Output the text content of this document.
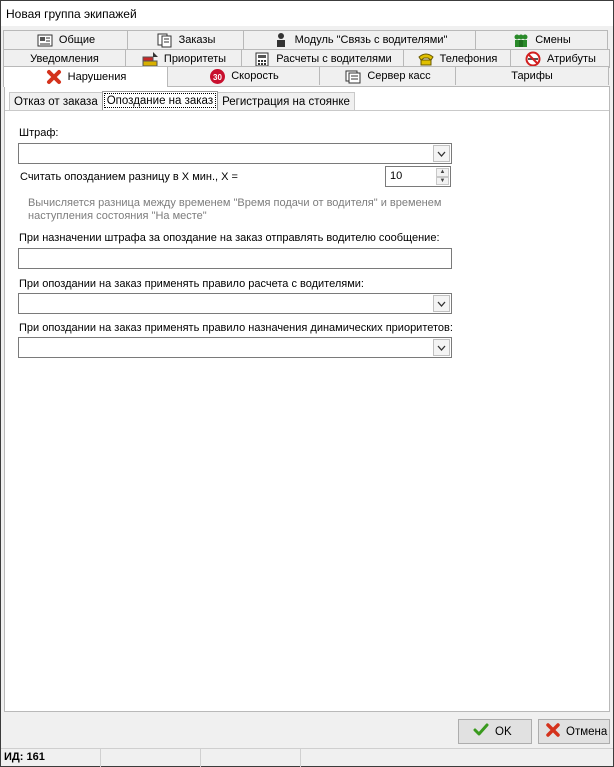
Новая группа экипажей
Общие	Заказы	Модуль "Связь с водителями"	Смены
Уведомления	Приоритеты	Расчеты с водителями	Телефония	Атрибуты
Нарушения	30 Скорость	Сервер касс	Тарифы
Отказ от заказа Опоздание на заказ Регистрация на стоянке
Штраф:
Считать опозданием разницу в X мин., X =	10	▲
▼
Вычисляется разница между временем "Время подачи от водителя" и временем наступления состояния "На месте"
При назначении штрафа за опоздание на заказ отправлять водителю сообщение:
При опоздании на заказ применять правило расчета с водителями:
При опоздании на заказ применять правило назначения динамических приоритетов:
OK	Отмена
ИД: 161
